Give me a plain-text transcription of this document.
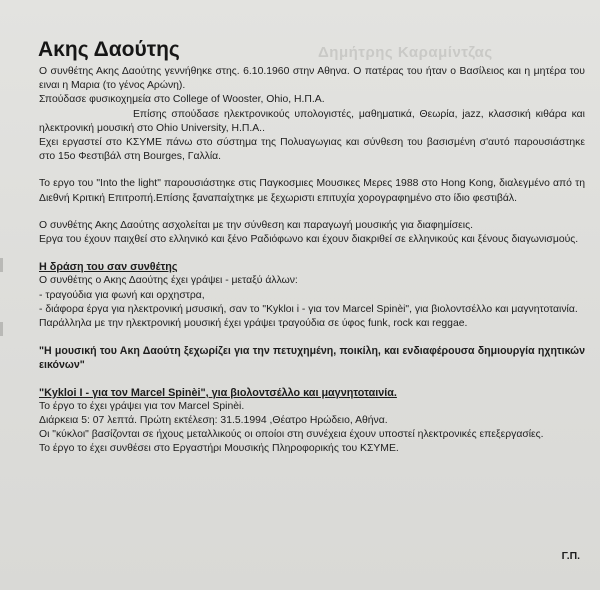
Δημήτρης Καραμίντζας
Ακης Δαούτης

Ο συνθέτης Ακης Δαούτης γεννήθηκε στης. 6.10.1960 στην Αθηνα. Ο πατέρας του ήταν ο Βασίλειος και η μητέρα του ειναι η Μαρια (το γένος Αρώνη).

Σπούδασε φυσικοχημεία στο College of Wooster, Ohio, Η.Π.Α.

Επίσης σπούδασε ηλεκτρονικούς υπολογιστές, μαθηματικά, Θεωρία, jazz, κλασσική κιθάρα και ηλεκτρονική μουσική στο Ohio University, Η.Π.Α..

Εχει εργαστεί στο ΚΣΥΜΕ πάνω στο σύστημα της Πολυαγωγιας και σύνθεση του βασισμένη σ'αυτό παρουσιάστηκε στο 15ο Φεστιβάλ στη Bourges, Γαλλία.

Το εργο του "Into the light" παρουσιάστηκε στις Παγκοσμιες Μουσικες Μερες 1988 στο Hong Kong, διαλεγμένο από τη Διεθνή Κριτική Επιτροπή.Επίσης ξαναπαίχτηκε με ξεχωριστι επιτυχία χορογραφημένο στο ίδιο φεστιβάλ.

Ο συνθέτης Ακης Δαούτης ασχολείται με την σύνθεση και παραγωγή μουσικής για διαφημίσεις.

Εργα του έχουν παιχθεί στο ελληνικό και ξένο Ραδιόφωνο και έχουν διακριθεί σε ελληνικούς και ξένους διαγωνισμούς.

Η δράση του σαν συνθέτης

Ο συνθέτης ο Ακης Δαούτης έχει γράψει - μεταξύ άλλων:

- τραγούδια για φωνή και ορχηστρα,

- διάφορα έργα για ηλεκτρονική μσυσική, σαν το "Kyklοι i - για τον Marcel Spinèi", για βιολοντσέλλο και μαγνητοταινία.

Παράλληλα με την ηλεκτρονική μουσική έχει γράψει τραγούδια σε ύφος funk, rock και reggae.

"Η μουσική του Ακη Δαούτη ξεχωρίζει για την πετυχημένη, ποικίλη, και ενδιαφέρουσα δημιουργία ηχητικών εικόνων"

"Kyklοi I - για τον Marcel Spinèi", για βιολοντσέλλο και μαγνητοταινία.

Το έργο το έχει γράψει για τον Marcel Spinèi.

Διάρκεια 5: 07 λεπτά. Πρώτη εκτέλεση: 31.5.1994 ,Θέατρο Ηρώδειο, Αθήνα.

Οι "κύκλοι" βασίζονται σε ήχους μεταλλικούς οι οποίοι στη συνέχεια έχουν υποστεί ηλεκτρονικές επεξεργασίες.

Το έργο το έχει συνθέσει στο Εργαστήρι Μουσικής Πληροφορικής του ΚΣΥΜΕ.

Γ.Π.
